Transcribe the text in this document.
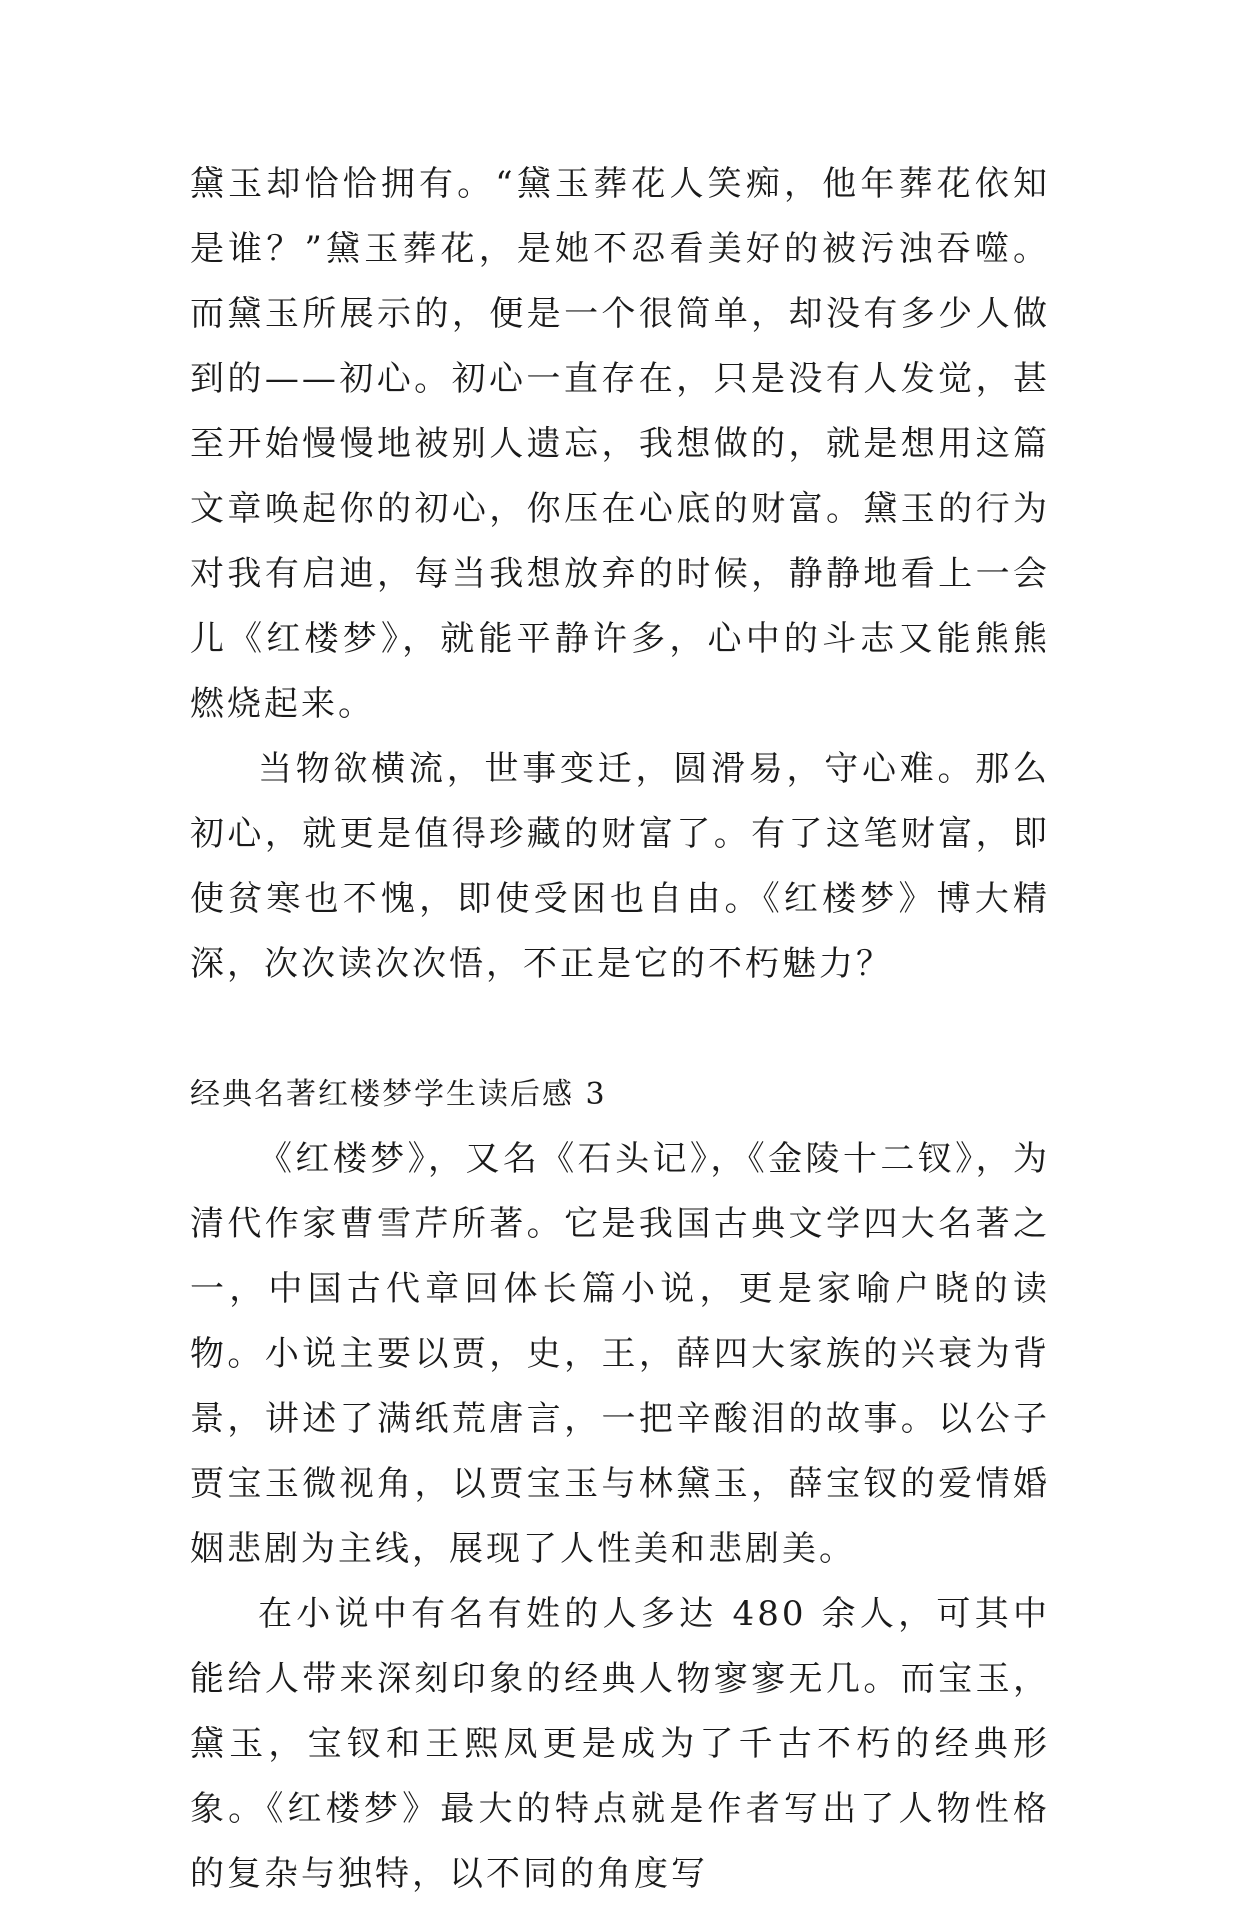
黛玉却恰恰拥有。“黛玉葬花人笑痴，他年葬花依知是谁？”黛玉葬花，是她不忍看美好的被污浊吞噬。而黛玉所展示的，便是一个很简单，却没有多少人做到的——初心。初心一直存在，只是没有人发觉，甚至开始慢慢地被别人遗忘，我想做的，就是想用这篇文章唤起你的初心，你压在心底的财富。黛玉的行为对我有启迪，每当我想放弃的时候，静静地看上一会儿《红楼梦》，就能平静许多，心中的斗志又能熊熊燃烧起来。

当物欲横流，世事变迁，圆滑易，守心难。那么初心，就更是值得珍藏的财富了。有了这笔财富，即使贫寒也不愧，即使受困也自由。《红楼梦》博大精深，次次读次次悟，不正是它的不朽魅力？

经典名著红楼梦学生读后感 3

《红楼梦》，又名《石头记》，《金陵十二钗》，为清代作家曹雪芹所著。它是我国古典文学四大名著之一，中国古代章回体长篇小说，更是家喻户晓的读物。小说主要以贾，史，王，薛四大家族的兴衰为背景，讲述了满纸荒唐言，一把辛酸泪的故事。以公子贾宝玉微视角，以贾宝玉与林黛玉，薛宝钗的爱情婚姻悲剧为主线，展现了人性美和悲剧美。

在小说中有名有姓的人多达 480 余人，可其中能给人带来深刻印象的经典人物寥寥无几。而宝玉，黛玉，宝钗和王熙凤更是成为了千古不朽的经典形象。《红楼梦》最大的特点就是作者写出了人物性格的复杂与独特，以不同的角度写
